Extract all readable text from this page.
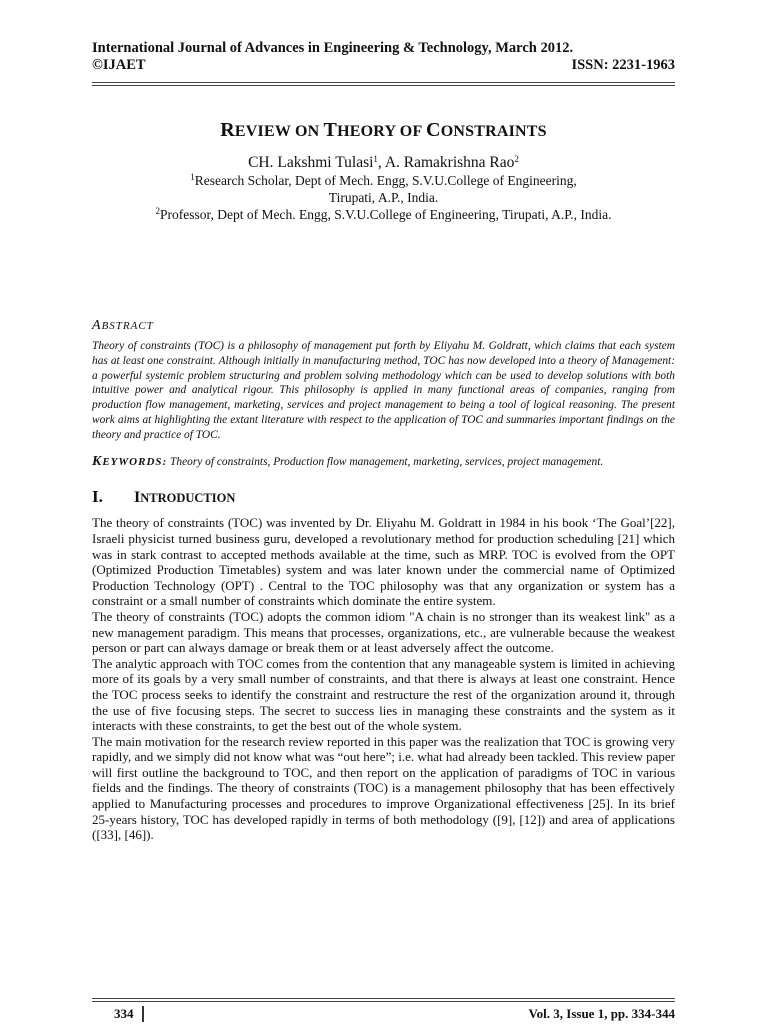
International Journal of Advances in Engineering & Technology, March 2012.
©IJAET	ISSN: 2231-1963
REVIEW ON THEORY OF CONSTRAINTS
CH. Lakshmi Tulasi$^1$, A. Ramakrishna Rao$^2$
$^1$Research Scholar, Dept of Mech. Engg, S.V.U.College of Engineering,
Tirupati, A.P., India.
$^2$Professor, Dept of Mech. Engg, S.V.U.College of Engineering, Tirupati, A.P., India.
ABSTRACT
Theory of constraints (TOC) is a philosophy of management put forth by Eliyahu M. Goldratt, which claims that each system has at least one constraint. Although initially in manufacturing method, TOC has now developed into a theory of Management: a powerful systemic problem structuring and problem solving methodology which can be used to develop solutions with both intuitive power and analytical rigour. This philosophy is applied in many functional areas of companies, ranging from production flow management, marketing, services and project management to being a tool of logical reasoning. The present work aims at highlighting the extant literature with respect to the application of TOC and summaries important findings on the theory and practice of TOC.
KEYWORDS: Theory of constraints, Production flow management, marketing, services, project management.
I.	INTRODUCTION

The theory of constraints (TOC) was invented by Dr. Eliyahu M. Goldratt in 1984 in his book ‘The Goal’[22], Israeli physicist turned business guru, developed a revolutionary method for production scheduling [21] which was in stark contrast to accepted methods available at the time, such as MRP. TOC is evolved from the OPT (Optimized Production Timetables) system and was later known under the commercial name of Optimized Production Technology (OPT) . Central to the TOC philosophy was that any organization or system has a constraint or a small number of constraints which dominate the entire system.

The theory of constraints (TOC) adopts the common idiom "A chain is no stronger than its weakest link" as a new management paradigm. This means that processes, organizations, etc., are vulnerable because the weakest person or part can always damage or break them or at least adversely affect the outcome.

The analytic approach with TOC comes from the contention that any manageable system is limited in achieving more of its goals by a very small number of constraints, and that there is always at least one constraint. Hence the TOC process seeks to identify the constraint and restructure the rest of the organization around it, through the use of five focusing steps. The secret to success lies in managing these constraints and the system as it interacts with these constraints, to get the best out of the whole system.

The main motivation for the research review reported in this paper was the realization that TOC is growing very rapidly, and we simply did not know what was “out here”; i.e. what had already been tackled. This review paper will first outline the background to TOC, and then report on the application of paradigms of TOC in various fields and the findings. The theory of constraints (TOC) is a management philosophy that has been effectively applied to Manufacturing processes and procedures to improve Organizational effectiveness [25]. In its brief 25-years history, TOC has developed rapidly in terms of both methodology ([9], [12]) and area of applications ([33], [46]).

334	Vol. 3, Issue 1, pp. 334-344
